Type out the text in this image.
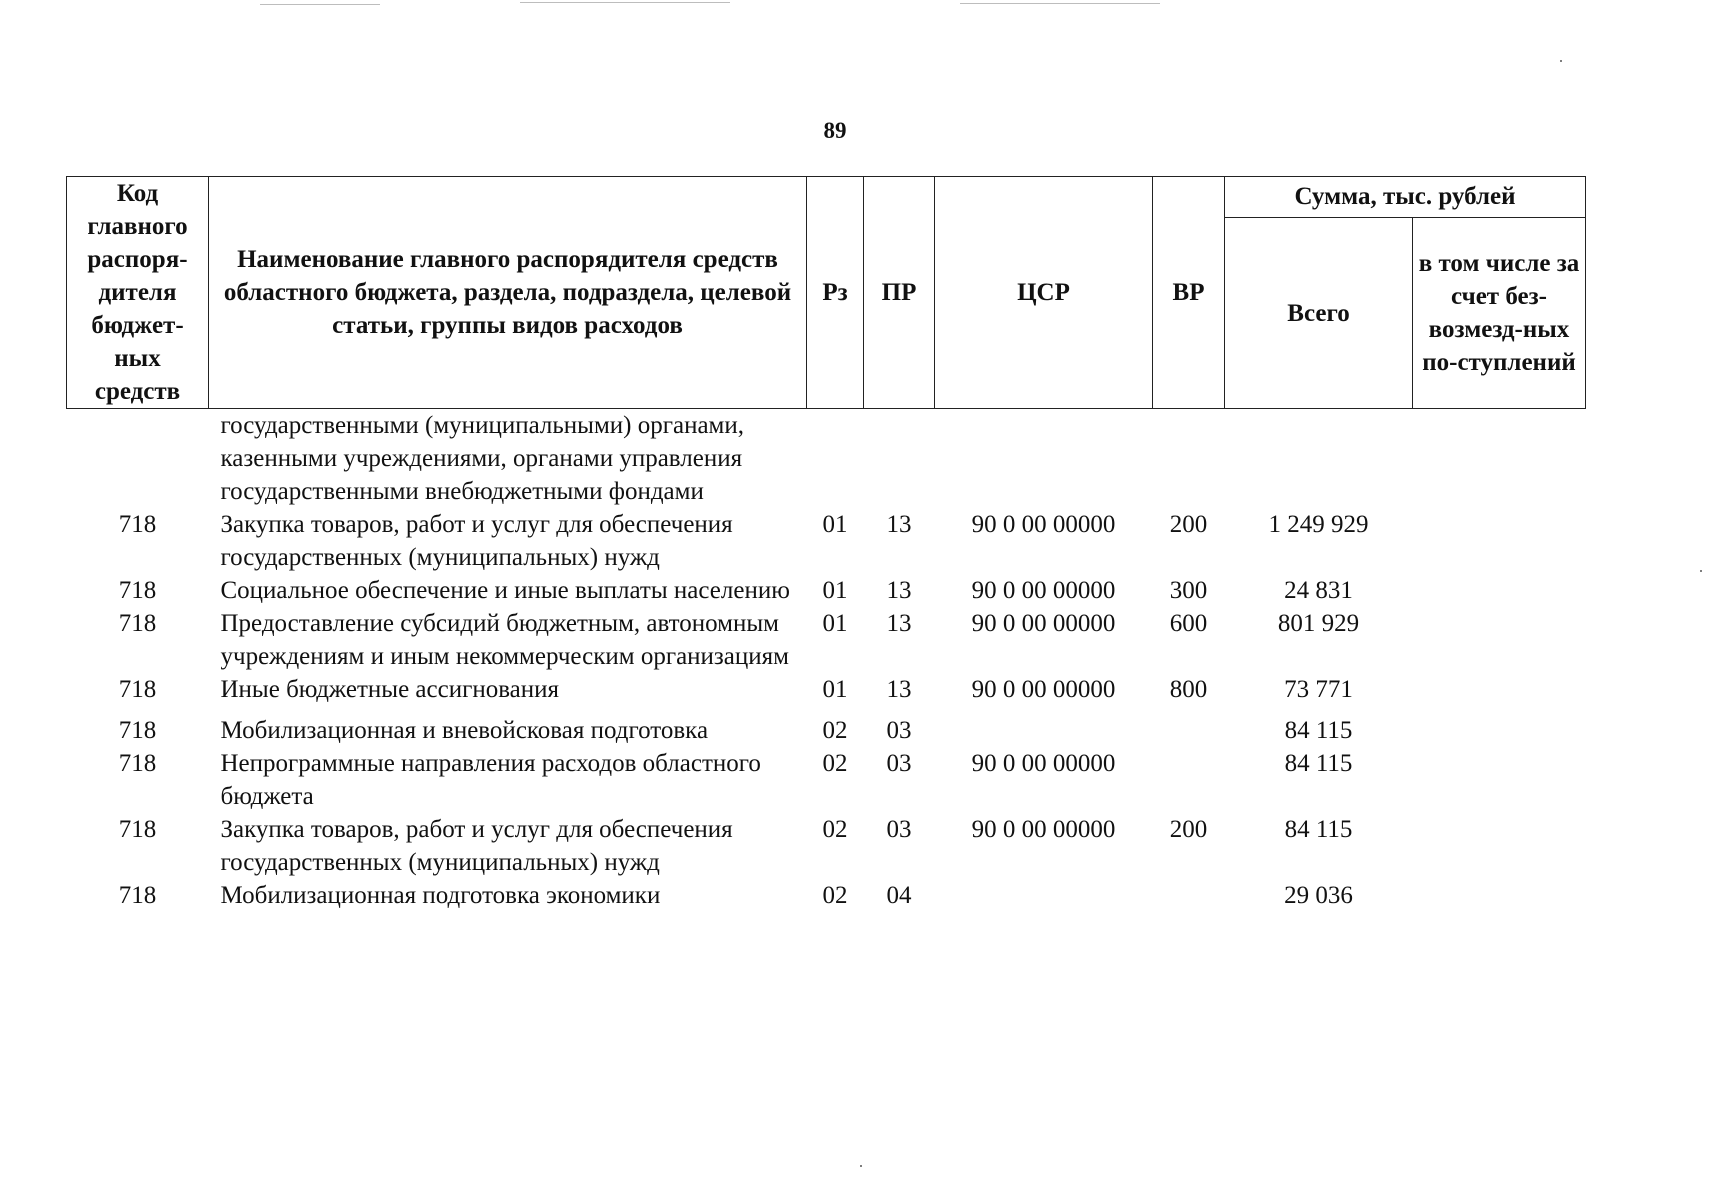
89
Код главного распоря-дителя бюджет-ных средств	Наименование главного распорядителя средств областного бюджета, раздела, подраздела, целевой статьи, группы видов расходов	Рз	ПР	ЦСР	ВР	Сумма, тыс. рублей	
						Всего	в том числе за счет без-возмезд-ных по-ступлений
	государственными (муниципальными) органами, казенными учреждениями, органами управления государственными внебюджетными фондами						
718	Закупка товаров, работ и услуг для обеспечения государственных (муниципальных) нужд	01	13	90 0 00 00000	200	1 249 929	
718	Социальное обеспечение и иные выплаты населению	01	13	90 0 00 00000	300	24 831	
718	Предоставление субсидий бюджетным, автономным учреждениям и иным некоммерческим организациям	01	13	90 0 00 00000	600	801 929	
718	Иные бюджетные ассигнования	01	13	90 0 00 00000	800	73 771	

718	Мобилизационная и вневойсковая подготовка	02	03			84 115	
718	Непрограммные направления расходов областного бюджета	02	03	90 0 00 00000		84 115	
718	Закупка товаров, работ и услуг для обеспечения государственных (муниципальных) нужд	02	03	90 0 00 00000	200	84 115	
718	Мобилизационная подготовка экономики	02	04			29 036	
